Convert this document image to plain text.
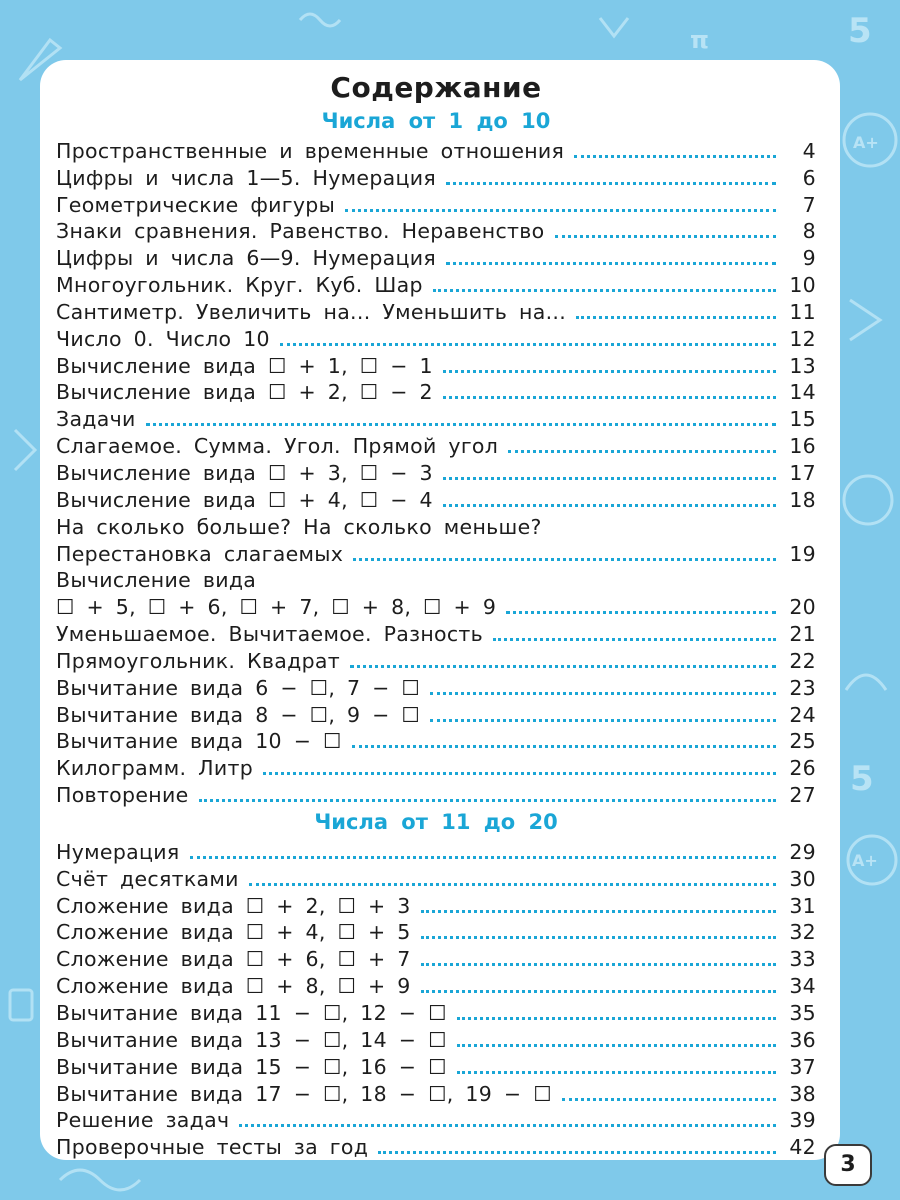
5
A+
π
5
A+
Содержание
Числа от 1 до 10
Пространственные и временные отношения	4
Цифры и числа 1—5. Нумерация	6
Геометрические фигуры	7
Знаки сравнения. Равенство. Неравенство	8
Цифры и числа 6—9. Нумерация	9
Многоугольник. Круг. Куб. Шар	10
Сантиметр. Увеличить на... Уменьшить на...	11
Число 0. Число 10	12
Вычисление вида ☐ + 1, ☐ − 1	13
Вычисление вида ☐ + 2, ☐ − 2	14
Задачи	15
Слагаемое. Сумма. Угол. Прямой угол	16
Вычисление вида ☐ + 3, ☐ − 3	17
Вычисление вида ☐ + 4, ☐ − 4	18
На сколько больше? На сколько меньше?
Перестановка слагаемых	19
Вычисление вида
☐ + 5, ☐ + 6, ☐ + 7, ☐ + 8, ☐ + 9	20
Уменьшаемое. Вычитаемое. Разность	21
Прямоугольник. Квадрат	22
Вычитание вида 6 − ☐, 7 − ☐	23
Вычитание вида 8 − ☐, 9 − ☐	24
Вычитание вида 10 − ☐	25
Килограмм. Литр	26
Повторение	27
Числа от 11 до 20
Нумерация	29
Счёт десятками	30
Сложение вида ☐ + 2, ☐ + 3	31
Сложение вида ☐ + 4, ☐ + 5	32
Сложение вида ☐ + 6, ☐ + 7	33
Сложение вида ☐ + 8, ☐ + 9	34
Вычитание вида 11 − ☐, 12 − ☐	35
Вычитание вида 13 − ☐, 14 − ☐	36
Вычитание вида 15 − ☐, 16 − ☐	37
Вычитание вида 17 − ☐, 18 − ☐, 19 − ☐	38
Решение задач	39
Проверочные тесты за год	42
3
